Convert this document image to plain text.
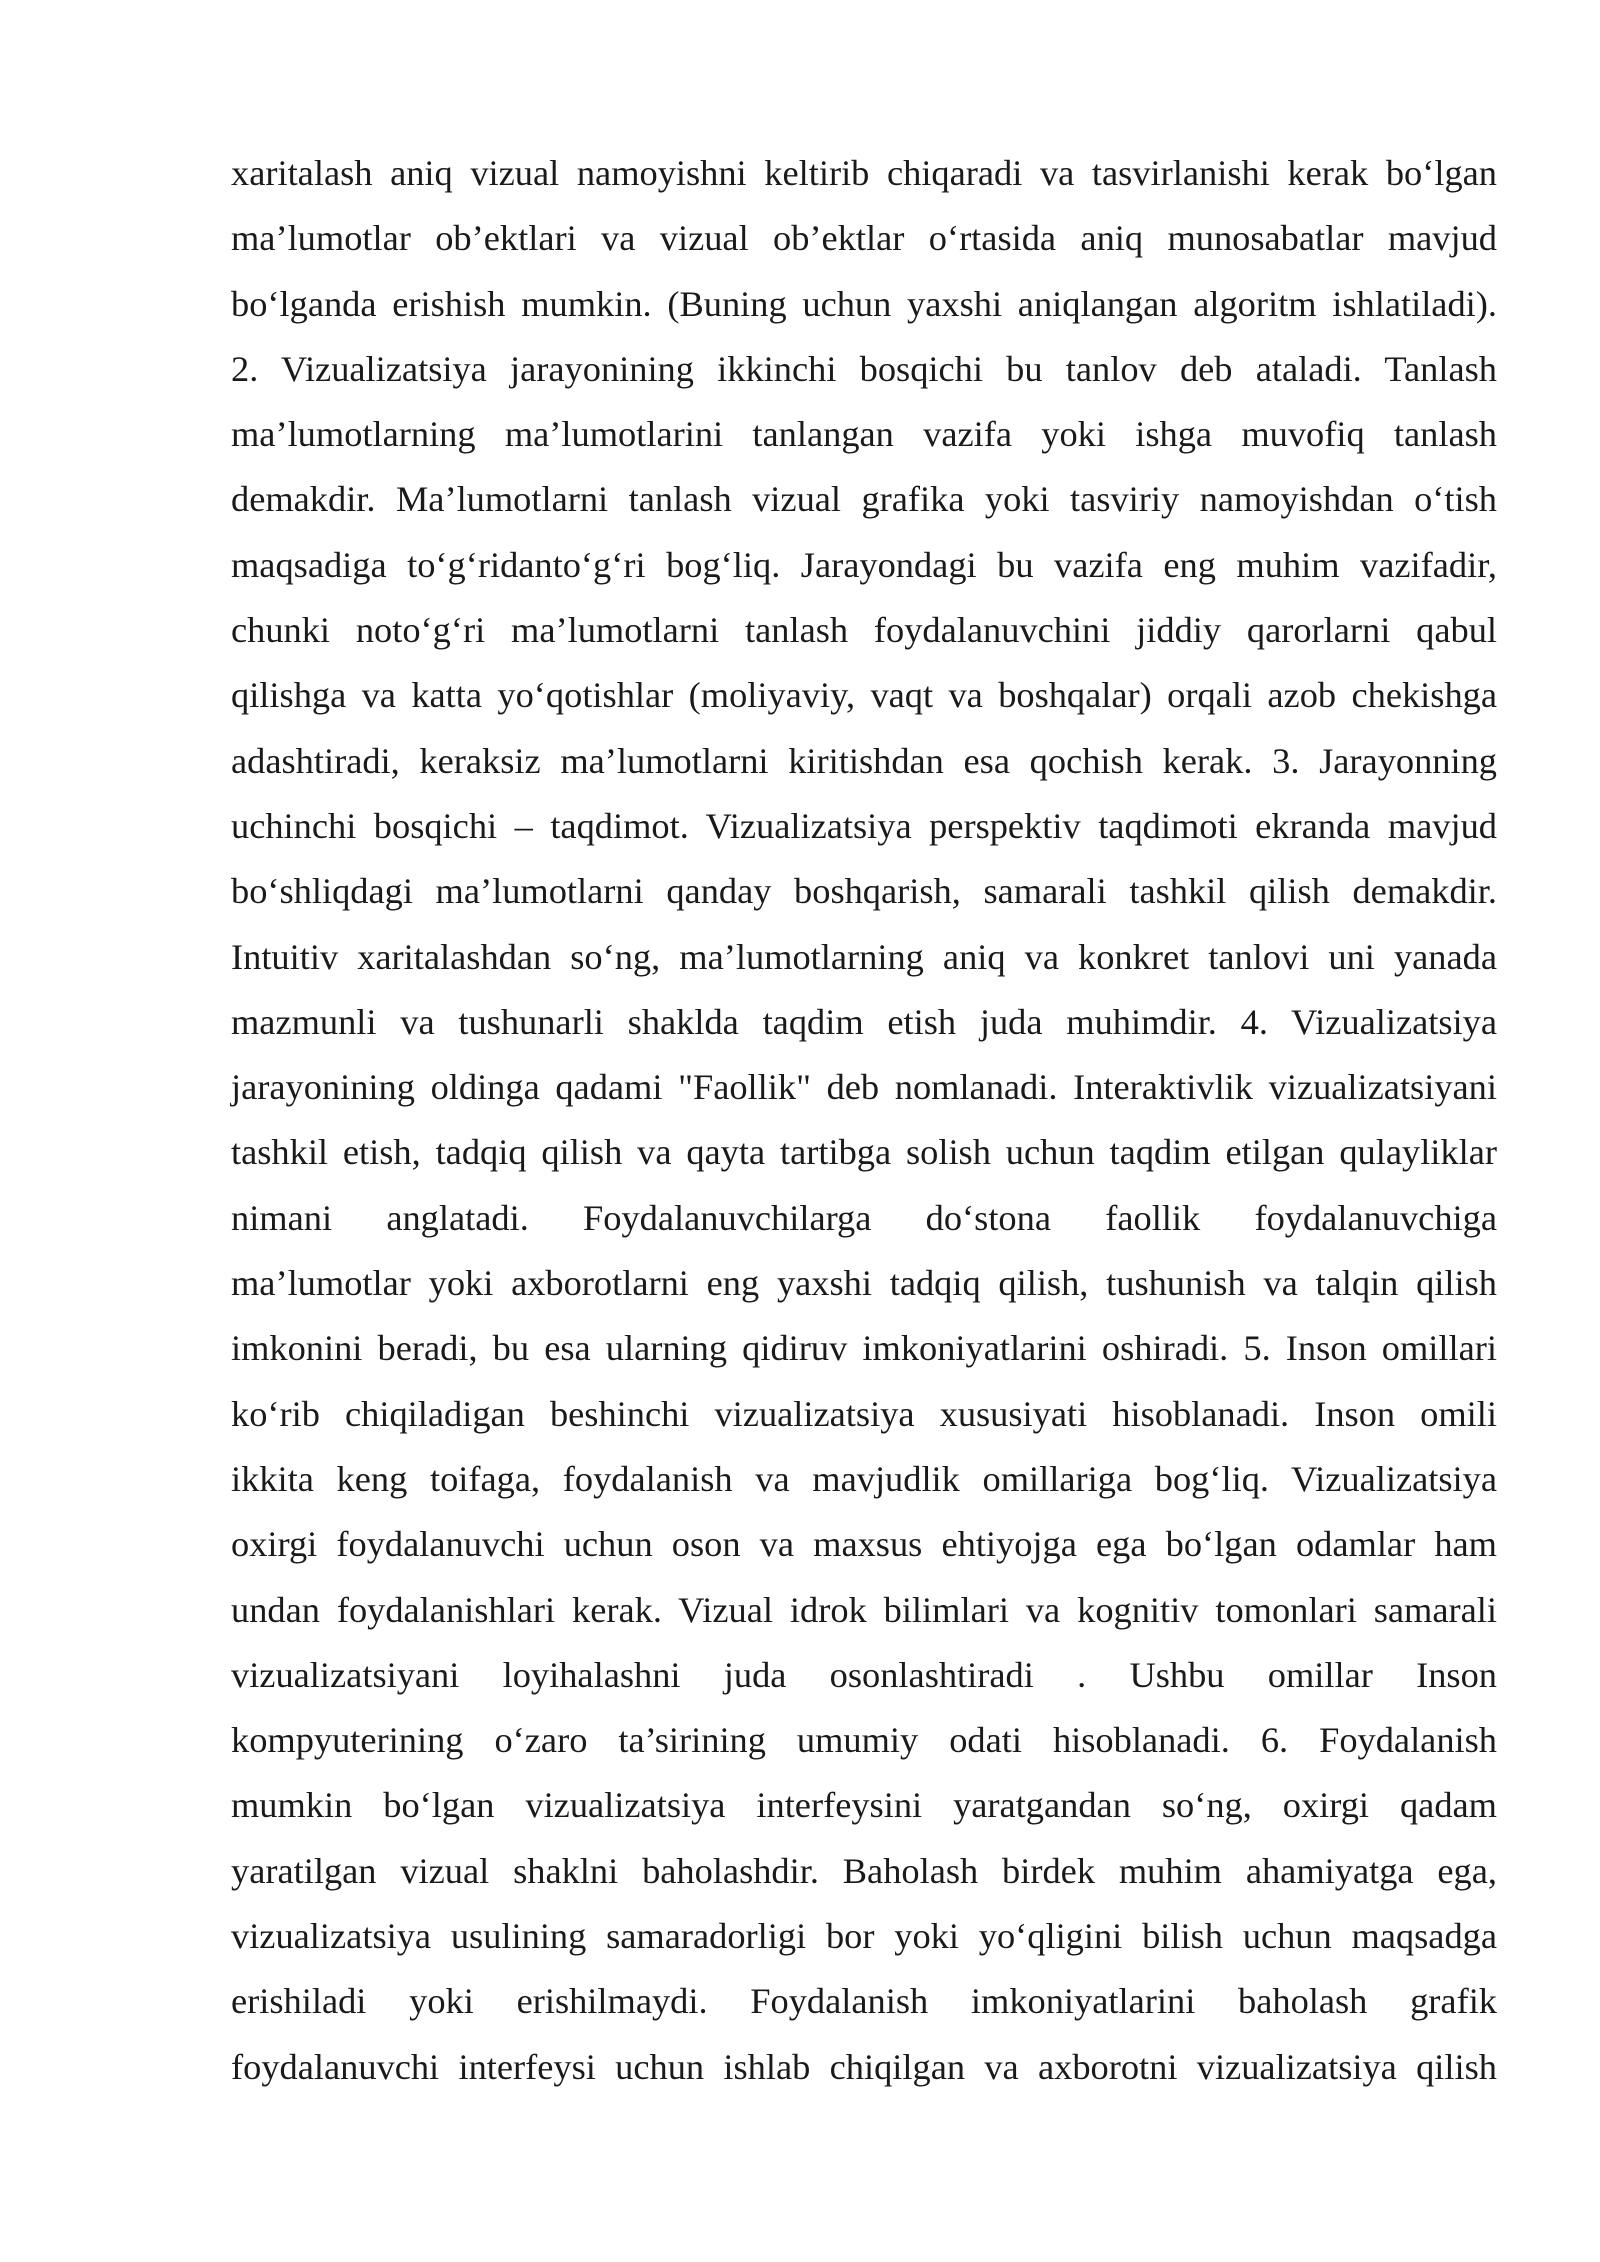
xaritalash aniq vizual namoyishni keltirib chiqaradi va tasvirlanishi kerak bo‘lgan
ma’lumotlar ob’ektlari va vizual ob’ektlar o‘rtasida aniq munosabatlar mavjud
bo‘lganda erishish mumkin. (Buning uchun yaxshi aniqlangan algoritm ishlatiladi).
2. Vizualizatsiya jarayonining ikkinchi bosqichi bu tanlov deb ataladi. Tanlash
ma’lumotlarning ma’lumotlarini tanlangan vazifa yoki ishga muvofiq tanlash
demakdir. Ma’lumotlarni tanlash vizual grafika yoki tasviriy namoyishdan o‘tish
maqsadiga to‘g‘ridanto‘g‘ri bog‘liq. Jarayondagi bu vazifa eng muhim vazifadir,
chunki noto‘g‘ri ma’lumotlarni tanlash foydalanuvchini jiddiy qarorlarni qabul
qilishga va katta yo‘qotishlar (moliyaviy, vaqt va boshqalar) orqali azob chekishga
adashtiradi, keraksiz ma’lumotlarni kiritishdan esa qochish kerak. 3. Jarayonning
uchinchi bosqichi – taqdimot. Vizualizatsiya perspektiv taqdimoti ekranda mavjud
bo‘shliqdagi ma’lumotlarni qanday boshqarish, samarali tashkil qilish demakdir.
Intuitiv xaritalashdan so‘ng, ma’lumotlarning aniq va konkret tanlovi uni yanada
mazmunli va tushunarli shaklda taqdim etish juda muhimdir. 4. Vizualizatsiya
jarayonining oldinga qadami "Faollik" deb nomlanadi. Interaktivlik vizualizatsiyani
tashkil etish, tadqiq qilish va qayta tartibga solish uchun taqdim etilgan qulayliklar
nimani anglatadi. Foydalanuvchilarga do‘stona faollik foydalanuvchiga
ma’lumotlar yoki axborotlarni eng yaxshi tadqiq qilish, tushunish va talqin qilish
imkonini beradi, bu esa ularning qidiruv imkoniyatlarini oshiradi. 5. Inson omillari
ko‘rib chiqiladigan beshinchi vizualizatsiya xususiyati hisoblanadi. Inson omili
ikkita keng toifaga, foydalanish va mavjudlik omillariga bog‘liq. Vizualizatsiya
oxirgi foydalanuvchi uchun oson va maxsus ehtiyojga ega bo‘lgan odamlar ham
undan foydalanishlari kerak. Vizual idrok bilimlari va kognitiv tomonlari samarali
vizualizatsiyani loyihalashni juda osonlashtiradi . Ushbu omillar Inson
kompyuterining o‘zaro ta’sirining umumiy odati hisoblanadi. 6. Foydalanish
mumkin bo‘lgan vizualizatsiya interfeysini yaratgandan so‘ng, oxirgi qadam
yaratilgan vizual shaklni baholashdir. Baholash birdek muhim ahamiyatga ega,
vizualizatsiya usulining samaradorligi bor yoki yo‘qligini bilish uchun maqsadga
erishiladi yoki erishilmaydi. Foydalanish imkoniyatlarini baholash grafik
foydalanuvchi interfeysi uchun ishlab chiqilgan va axborotni vizualizatsiya qilish
